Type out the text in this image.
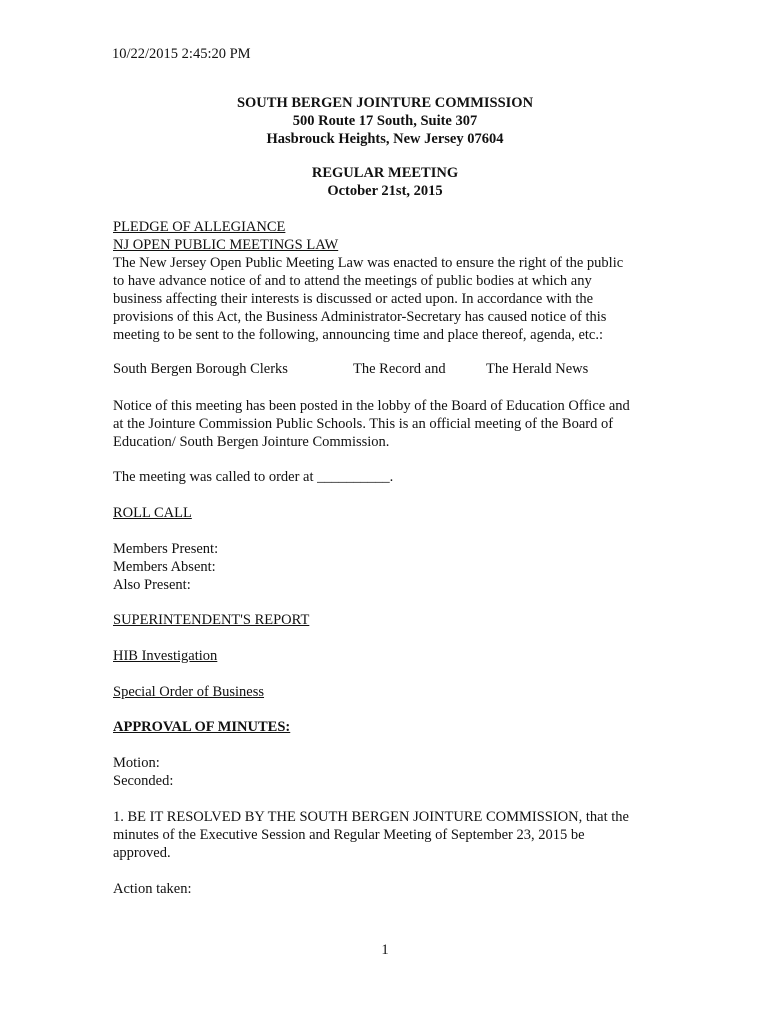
10/22/2015 2:45:20 PM
SOUTH BERGEN JOINTURE COMMISSION
500 Route 17 South, Suite 307
Hasbrouck Heights, New Jersey 07604
REGULAR MEETING
October 21st, 2015
PLEDGE OF ALLEGIANCE
NJ OPEN PUBLIC MEETINGS LAW
The New Jersey Open Public Meeting Law was enacted to ensure the right of the public
to have advance notice of and to attend the meetings of public bodies at which any
business affecting their interests is discussed or acted upon. In accordance with the
provisions of this Act, the Business Administrator-Secretary has caused notice of this
meeting to be sent to the following, announcing time and place thereof, agenda, etc.:
South Bergen Borough Clerks	The Record and	The Herald News
Notice of this meeting has been posted in the lobby of the Board of Education Office and
at the Jointure Commission Public Schools. This is an official meeting of the Board of
Education/ South Bergen Jointure Commission.
The meeting was called to order at __________.
ROLL CALL
Members Present:
Members Absent:
Also Present:
SUPERINTENDENT'S REPORT
HIB Investigation
Special Order of Business
APPROVAL OF MINUTES:
Motion:
Seconded:
1. BE IT RESOLVED BY THE SOUTH BERGEN JOINTURE COMMISSION, that the
minutes of the Executive Session and Regular Meeting of September 23, 2015 be
approved.
Action taken:
1
